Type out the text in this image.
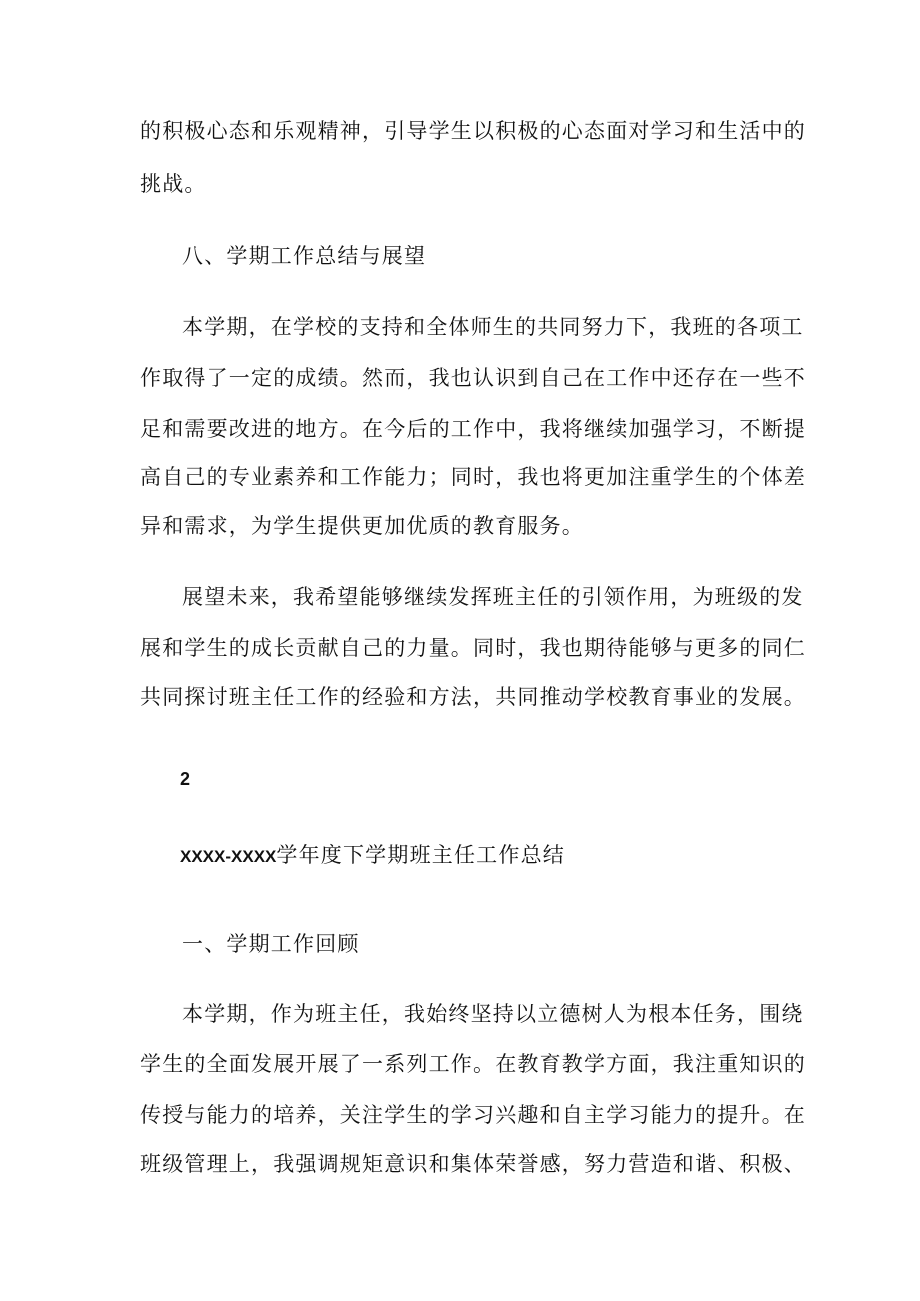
的积极心态和乐观精神，引导学生以积极的心态面对学习和生活中的
挑战。
八、学期工作总结与展望
本学期，在学校的支持和全体师生的共同努力下，我班的各项工
作取得了一定的成绩。然而，我也认识到自己在工作中还存在一些不
足和需要改进的地方。在今后的工作中，我将继续加强学习，不断提
高自己的专业素养和工作能力；同时，我也将更加注重学生的个体差
异和需求，为学生提供更加优质的教育服务。
展望未来，我希望能够继续发挥班主任的引领作用，为班级的发
展和学生的成长贡献自己的力量。同时，我也期待能够与更多的同仁
共同探讨班主任工作的经验和方法，共同推动学校教育事业的发展。
2
XXXX-XXXX学年度下学期班主任工作总结
一、学期工作回顾
本学期，作为班主任，我始终坚持以立德树人为根本任务，围绕
学生的全面发展开展了一系列工作。在教育教学方面，我注重知识的
传授与能力的培养，关注学生的学习兴趣和自主学习能力的提升。在
班级管理上，我强调规矩意识和集体荣誉感，努力营造和谐、积极、
